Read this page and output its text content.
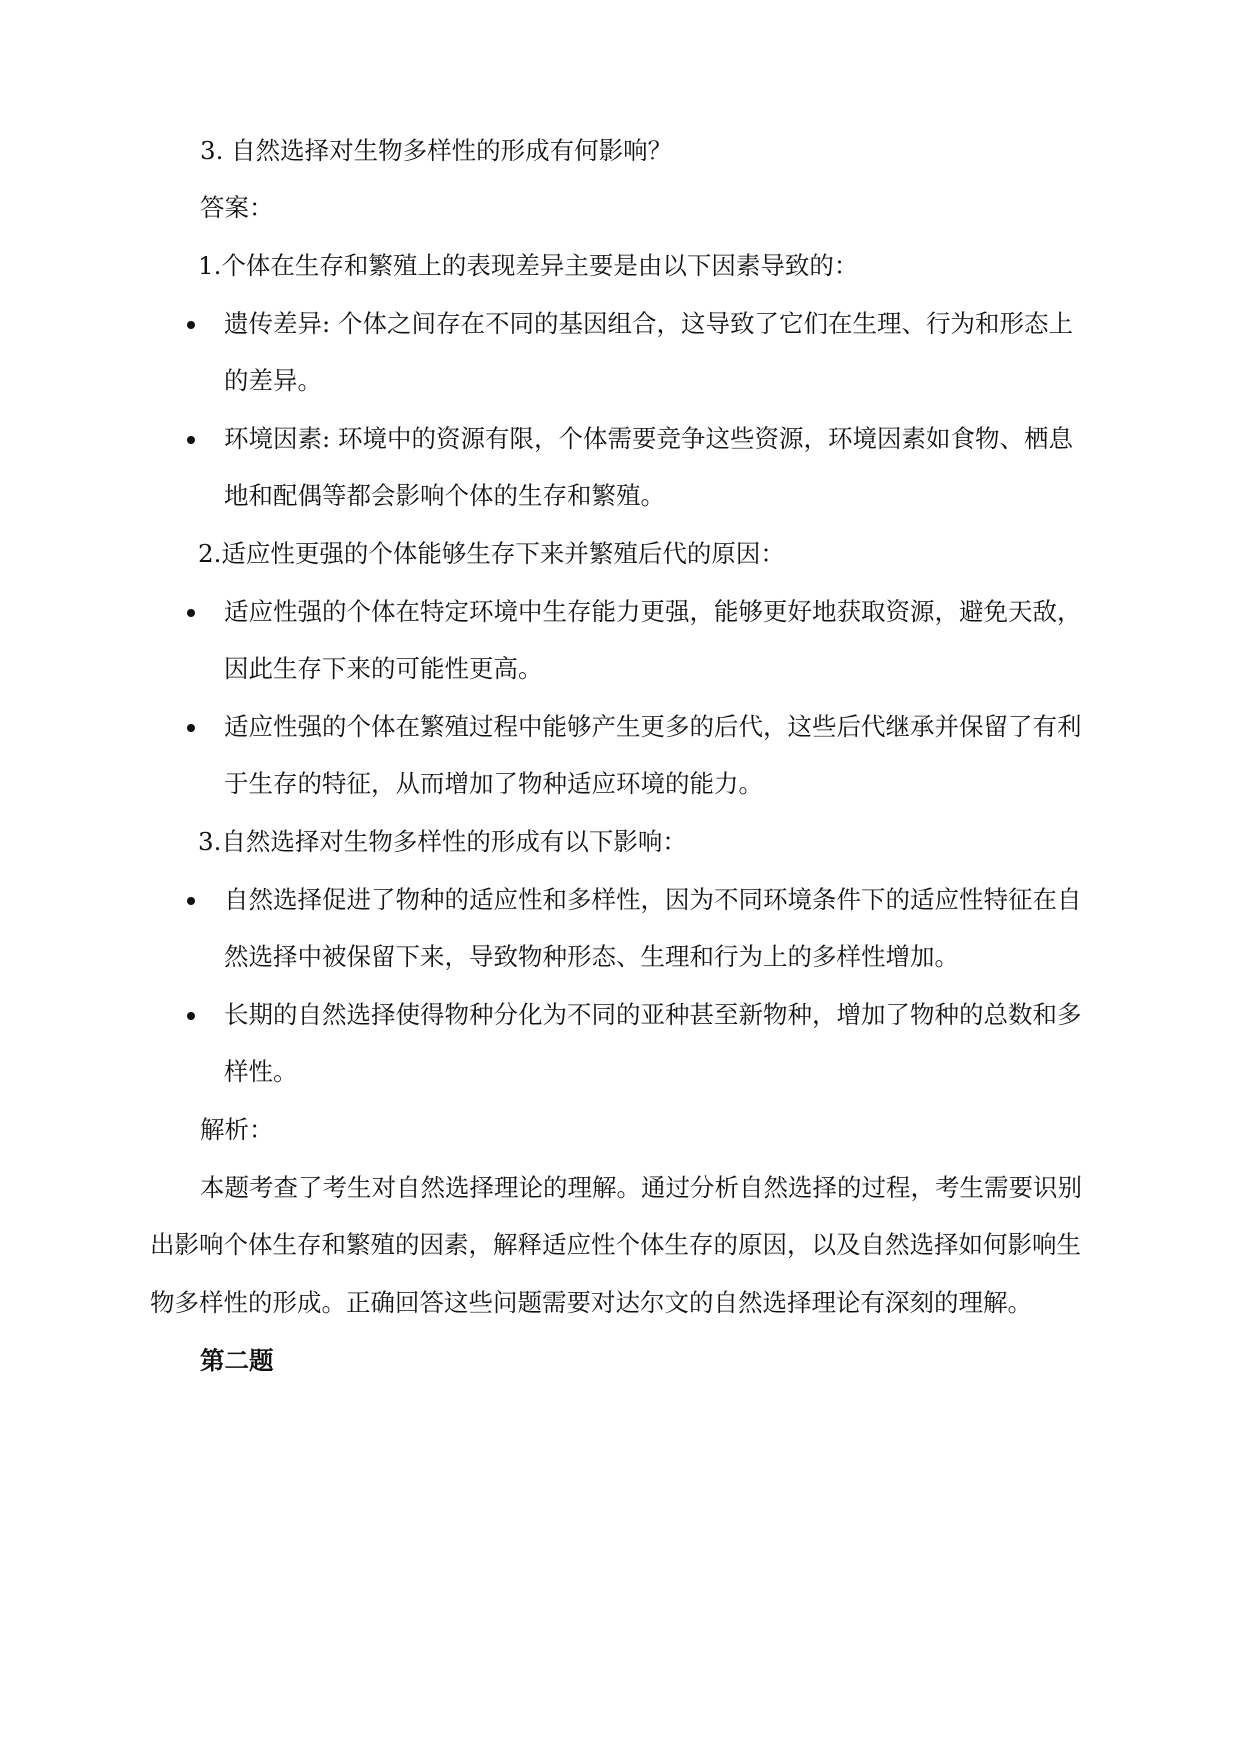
3. 自然选择对生物多样性的形成有何影响？

答案：

1.个体在生存和繁殖上的表现差异主要是由以下因素导致的：

遗传差异: 个体之间存在不同的基因组合，这导致了它们在生理、行为和形态上

的差异。

环境因素: 环境中的资源有限，个体需要竞争这些资源，环境因素如食物、栖息

地和配偶等都会影响个体的生存和繁殖。

2.适应性更强的个体能够生存下来并繁殖后代的原因：

适应性强的个体在特定环境中生存能力更强，能够更好地获取资源，避免天敌，

因此生存下来的可能性更高。

适应性强的个体在繁殖过程中能够产生更多的后代，这些后代继承并保留了有利

于生存的特征，从而增加了物种适应环境的能力。

3.自然选择对生物多样性的形成有以下影响：

自然选择促进了物种的适应性和多样性，因为不同环境条件下的适应性特征在自

然选择中被保留下来，导致物种形态、生理和行为上的多样性增加。

长期的自然选择使得物种分化为不同的亚种甚至新物种，增加了物种的总数和多

样性。

解析：

本题考查了考生对自然选择理论的理解。通过分析自然选择的过程，考生需要识别

出影响个体生存和繁殖的因素，解释适应性个体生存的原因，以及自然选择如何影响生

物多样性的形成。正确回答这些问题需要对达尔文的自然选择理论有深刻的理解。

第二题
